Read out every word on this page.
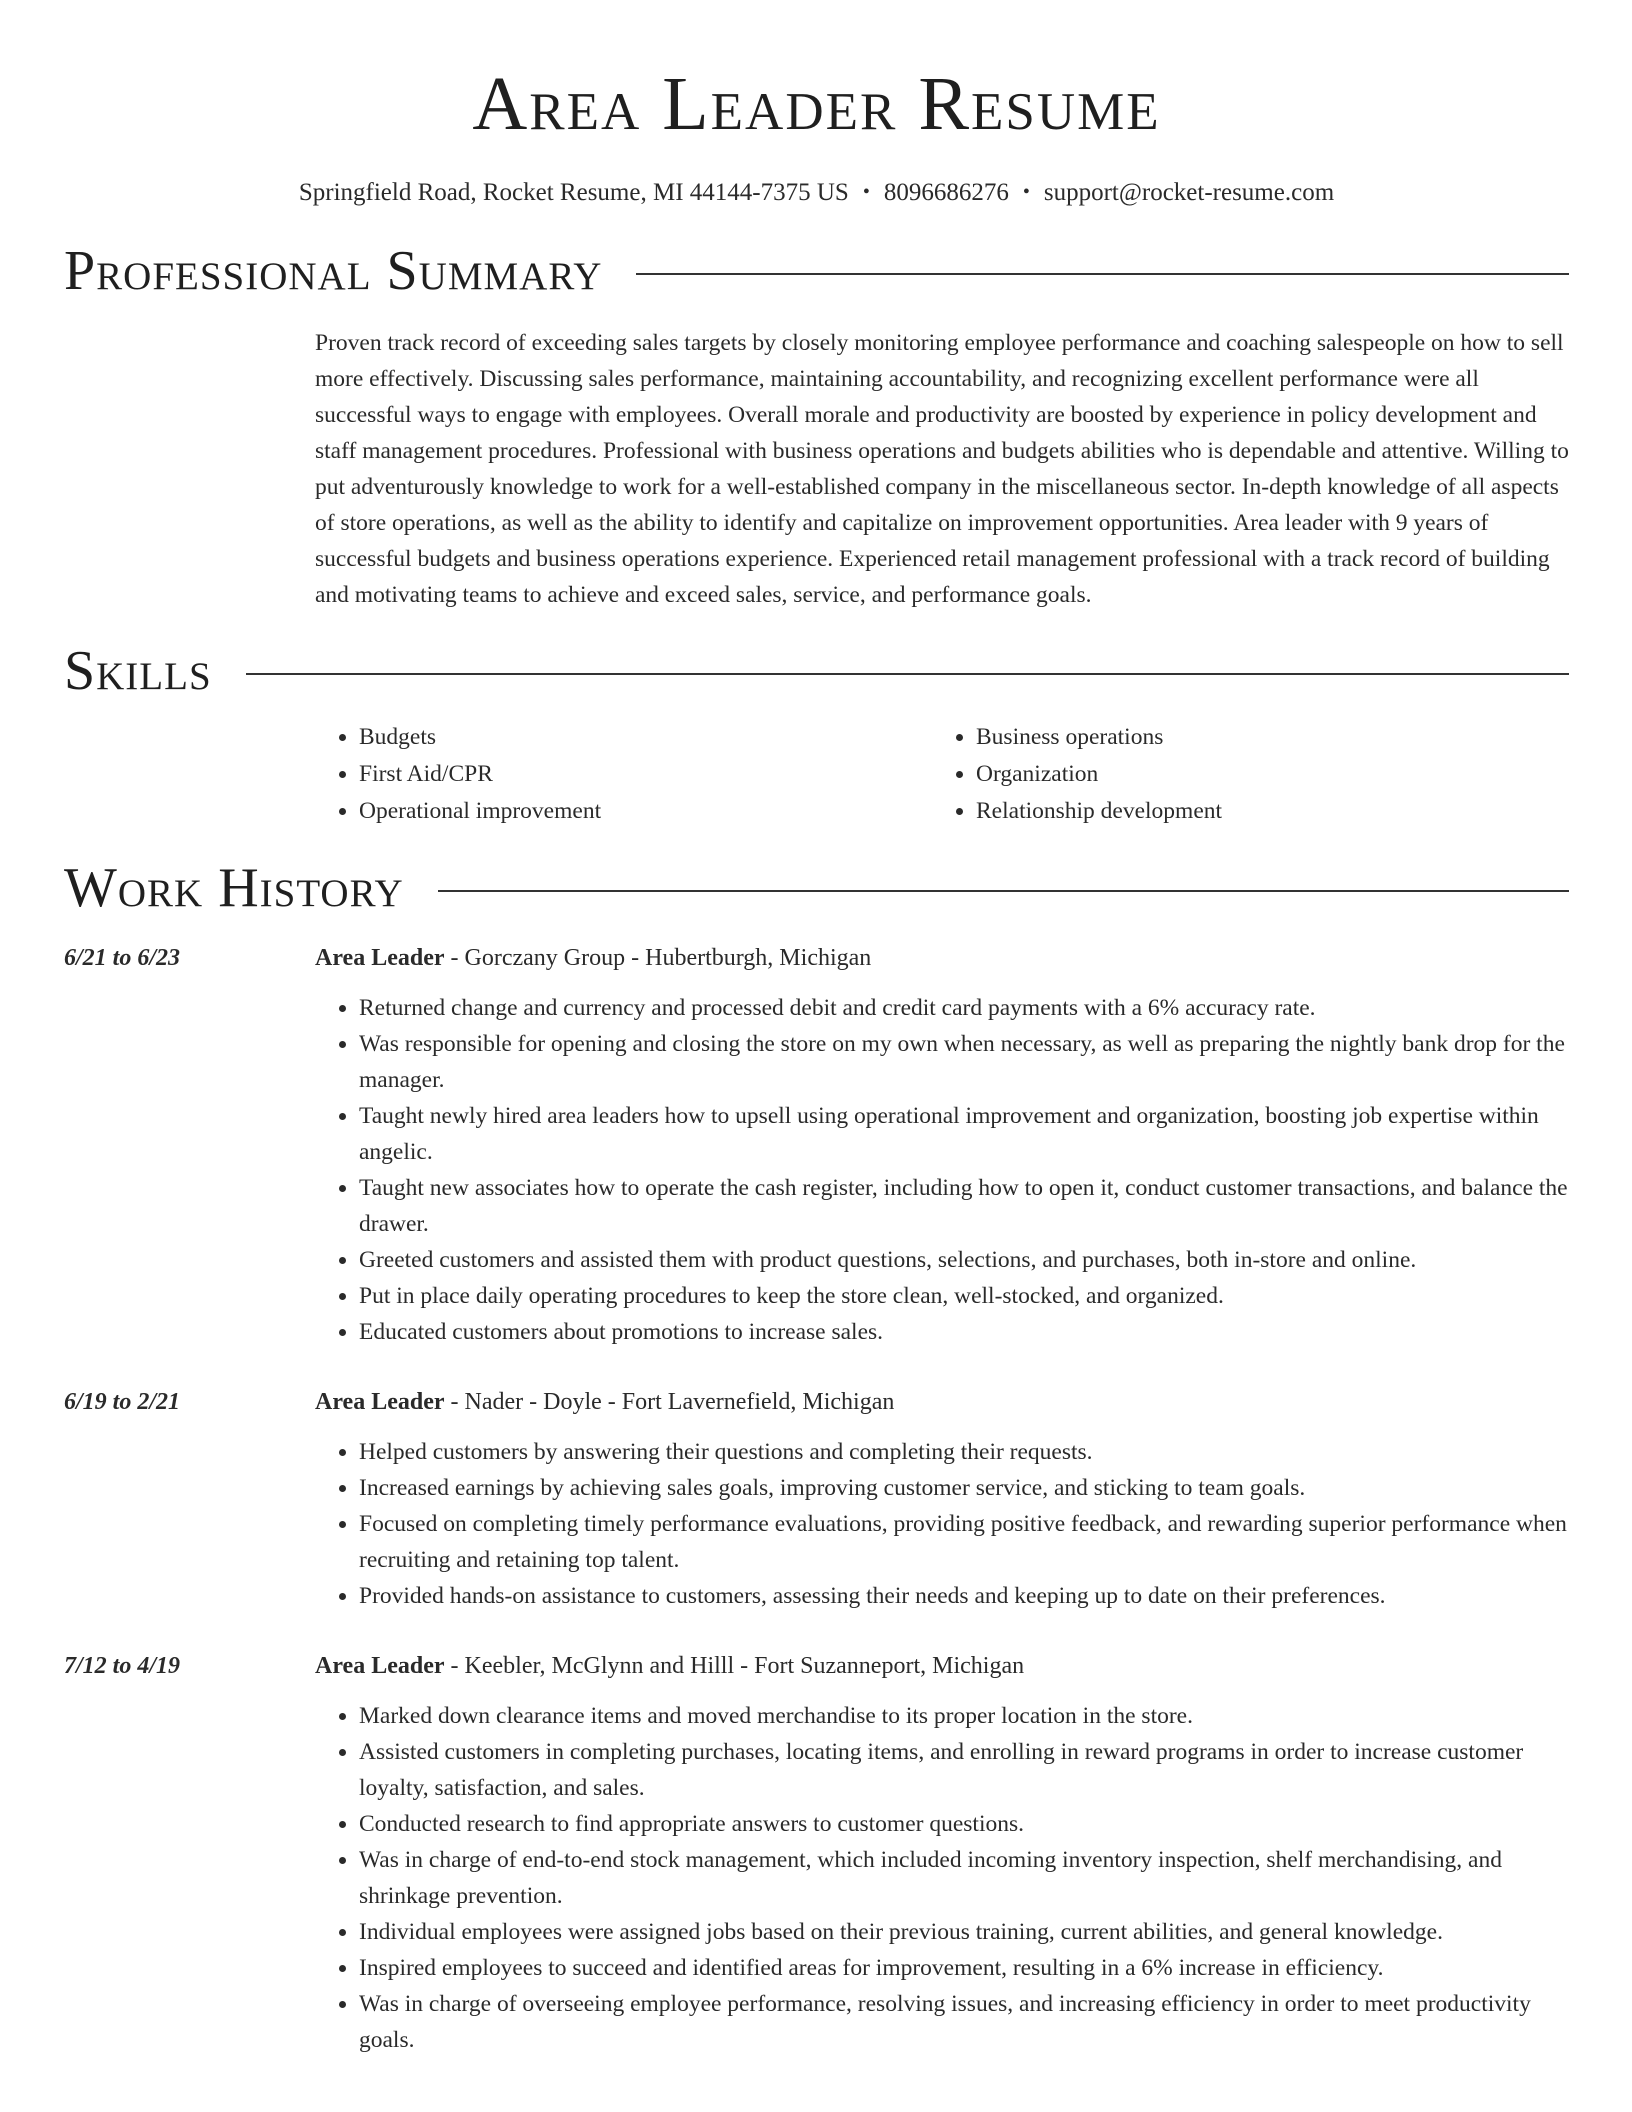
Area Leader Resume
Springfield Road, Rocket Resume, MI 44144-7375 US • 8096686276 • support@rocket-resume.com
Professional Summary

Proven track record of exceeding sales targets by closely monitoring employee performance and coaching salespeople on how to sell more effectively. Discussing sales performance, maintaining accountability, and recognizing excellent performance were all successful ways to engage with employees. Overall morale and productivity are boosted by experience in policy development and staff management procedures. Professional with business operations and budgets abilities who is dependable and attentive. Willing to put adventurously knowledge to work for a well-established company in the miscellaneous sector. In-depth knowledge of all aspects of store operations, as well as the ability to identify and capitalize on improvement opportunities. Area leader with 9 years of successful budgets and business operations experience. Experienced retail management professional with a track record of building and motivating teams to achieve and exceed sales, service, and performance goals.

Skills
• Budgets
• First Aid/CPR
• Operational improvement
• Business operations
• Organization
• Relationship development
Work History
6/21 to 6/23	Area Leader - Gorczany Group - Hubertburgh, Michigan
• Returned change and currency and processed debit and credit card payments with a 6% accuracy rate.
• Was responsible for opening and closing the store on my own when necessary, as well as preparing the nightly bank drop for the manager.
• Taught newly hired area leaders how to upsell using operational improvement and organization, boosting job expertise within angelic.
• Taught new associates how to operate the cash register, including how to open it, conduct customer transactions, and balance the drawer.
• Greeted customers and assisted them with product questions, selections, and purchases, both in-store and online.
• Put in place daily operating procedures to keep the store clean, well-stocked, and organized.
• Educated customers about promotions to increase sales.
6/19 to 2/21	Area Leader - Nader - Doyle - Fort Lavernefield, Michigan
• Helped customers by answering their questions and completing their requests.
• Increased earnings by achieving sales goals, improving customer service, and sticking to team goals.
• Focused on completing timely performance evaluations, providing positive feedback, and rewarding superior performance when recruiting and retaining top talent.
• Provided hands-on assistance to customers, assessing their needs and keeping up to date on their preferences.
7/12 to 4/19	Area Leader - Keebler, McGlynn and Hilll - Fort Suzanneport, Michigan
• Marked down clearance items and moved merchandise to its proper location in the store.
• Assisted customers in completing purchases, locating items, and enrolling in reward programs in order to increase customer loyalty, satisfaction, and sales.
• Conducted research to find appropriate answers to customer questions.
• Was in charge of end-to-end stock management, which included incoming inventory inspection, shelf merchandising, and shrinkage prevention.
• Individual employees were assigned jobs based on their previous training, current abilities, and general knowledge.
• Inspired employees to succeed and identified areas for improvement, resulting in a 6% increase in efficiency.
• Was in charge of overseeing employee performance, resolving issues, and increasing efficiency in order to meet productivity goals.
